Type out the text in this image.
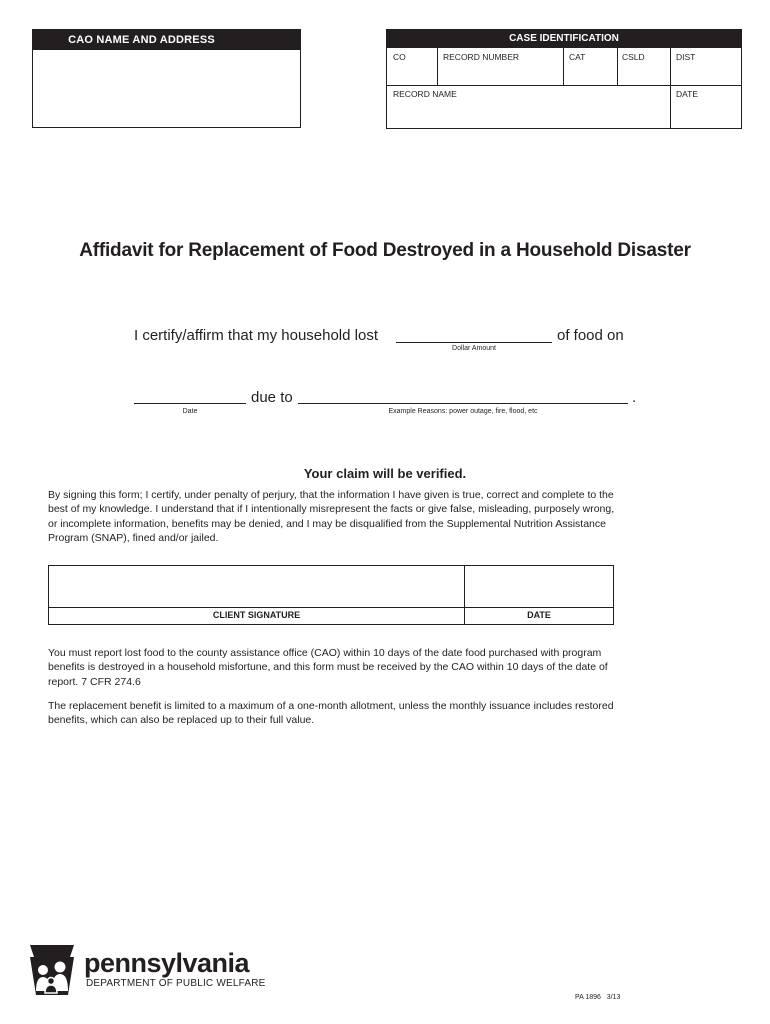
CAO NAME AND ADDRESS	CASE IDENTIFICATION
CO	RECORD NUMBER	CAT	CSLD	DIST
RECORD NAME	DATE
Affidavit for Replacement of Food Destroyed in a Household Disaster
I certify/affirm that my household lost	of food on
Dollar Amount
due to	.
Date	Example Reasons: power outage, fire, flood, etc
Your claim will be verified.
By signing this form; I certify, under penalty of perjury, that the information I have given is true, correct and complete to the best of my knowledge. I understand that if I intentionally misrepresent the facts or give false, misleading, purposely wrong, or incomplete information, benefits may be denied, and I may be disqualified from the Supplemental Nutrition Assistance Program (SNAP), fined and/or jailed.
CLIENT SIGNATURE	DATE
You must report lost food to the county assistance office (CAO) within 10 days of the date food purchased with program benefits is destroyed in a household misfortune, and this form must be received by the CAO within 10 days of the date of report. 7 CFR 274.6
The replacement benefit is limited to a maximum of a one-month allotment, unless the monthly issuance includes restored benefits, which can also be replaced up to their full value.
pennsylvania
DEPARTMENT OF PUBLIC WELFARE
PA 1896   3/13
